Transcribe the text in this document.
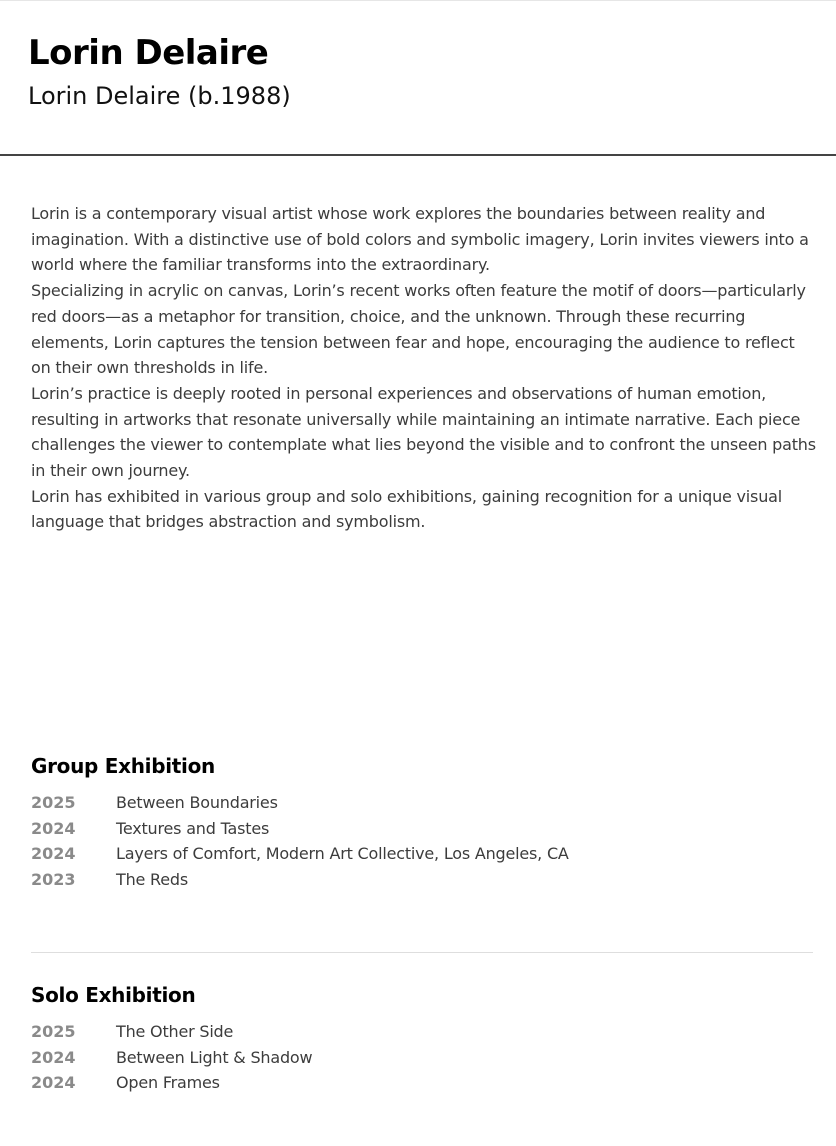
Lorin Delaire
Lorin Delaire (b.1988)

Lorin is a contemporary visual artist whose work explores the boundaries between reality and imagination. With a distinctive use of bold colors and symbolic imagery, Lorin invites viewers into a world where the familiar transforms into the extraordinary.

Specializing in acrylic on canvas, Lorin’s recent works often feature the motif of doors—particularly red doors—as a metaphor for transition, choice, and the unknown. Through these recurring elements, Lorin captures the tension between fear and hope, encouraging the audience to reflect on their own thresholds in life.

Lorin’s practice is deeply rooted in personal experiences and observations of human emotion, resulting in artworks that resonate universally while maintaining an intimate narrative. Each piece challenges the viewer to contemplate what lies beyond the visible and to confront the unseen paths in their own journey.

Lorin has exhibited in various group and solo exhibitions, gaining recognition for a unique visual language that bridges abstraction and symbolism.

Group Exhibition
2025	Between Boundaries
2024	Textures and Tastes
2024	Layers of Comfort, Modern Art Collective, Los Angeles, CA
2023	The Reds
Solo Exhibition
2025	The Other Side
2024	Between Light & Shadow
2024	Open Frames
